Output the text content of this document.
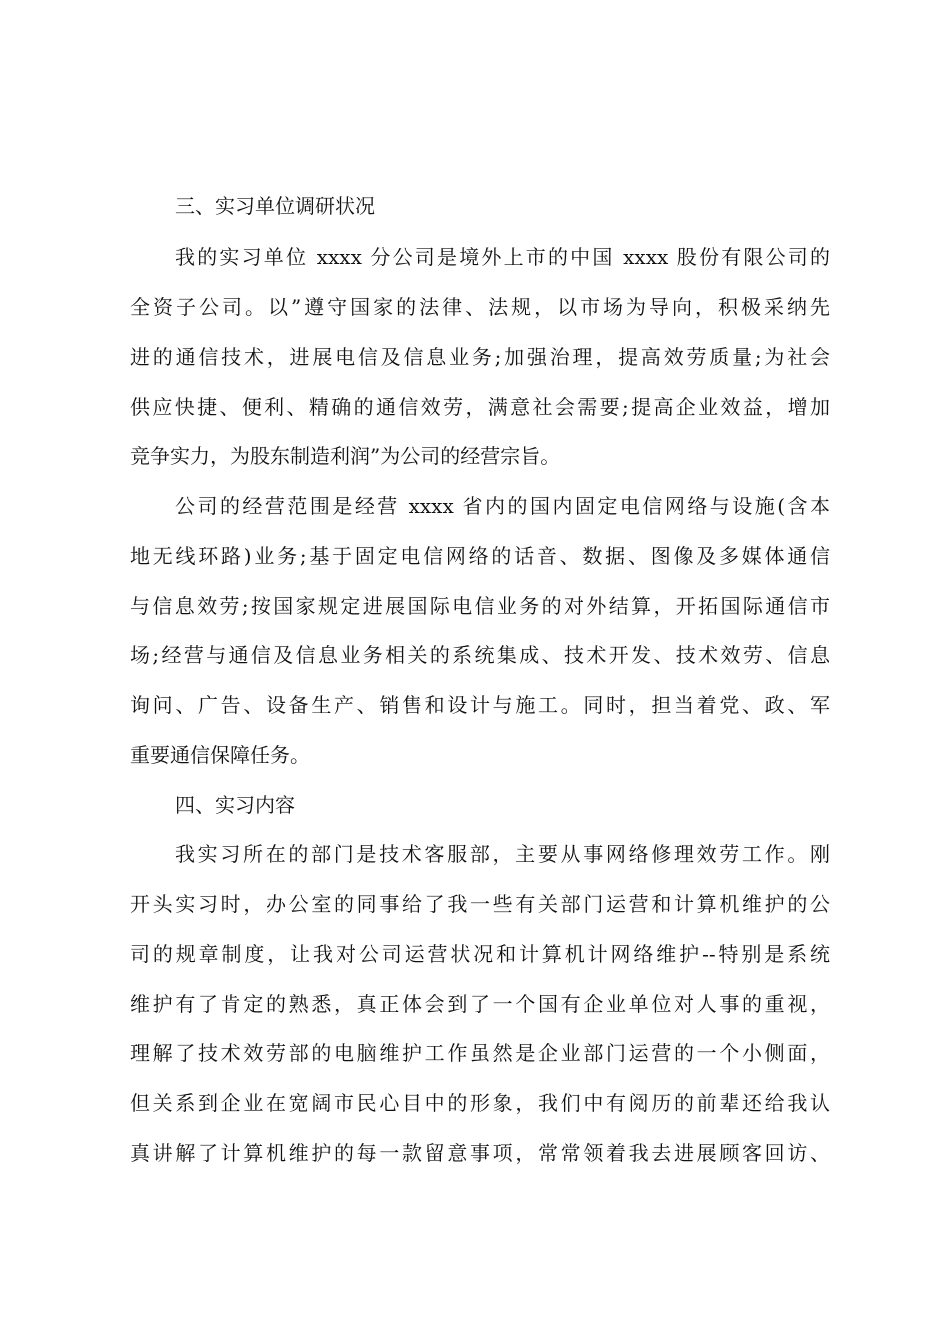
三、实习单位调研状况
我的实习单位 xxxx 分公司是境外上市的中国 xxxx 股份有限公司的
全资子公司。以”遵守国家的法律、法规，以市场为导向，积极采纳先
进的通信技术，进展电信及信息业务;加强治理，提高效劳质量;为社会
供应快捷、便利、精确的通信效劳，满意社会需要;提高企业效益，增加
竞争实力，为股东制造利润”为公司的经营宗旨。
公司的经营范围是经营 xxxx 省内的国内固定电信网络与设施(含本
地无线环路)业务;基于固定电信网络的话音、数据、图像及多媒体通信
与信息效劳;按国家规定进展国际电信业务的对外结算，开拓国际通信市
场;经营与通信及信息业务相关的系统集成、技术开发、技术效劳、信息
询问、广告、设备生产、销售和设计与施工。同时，担当着党、政、军
重要通信保障任务。
四、实习内容
我实习所在的部门是技术客服部，主要从事网络修理效劳工作。刚
开头实习时，办公室的同事给了我一些有关部门运营和计算机维护的公
司的规章制度，让我对公司运营状况和计算机计网络维护--特别是系统
维护有了肯定的熟悉，真正体会到了一个国有企业单位对人事的重视，
理解了技术效劳部的电脑维护工作虽然是企业部门运营的一个小侧面，
但关系到企业在宽阔市民心目中的形象，我们中有阅历的前辈还给我认
真讲解了计算机维护的每一款留意事项，常常领着我去进展顾客回访、
